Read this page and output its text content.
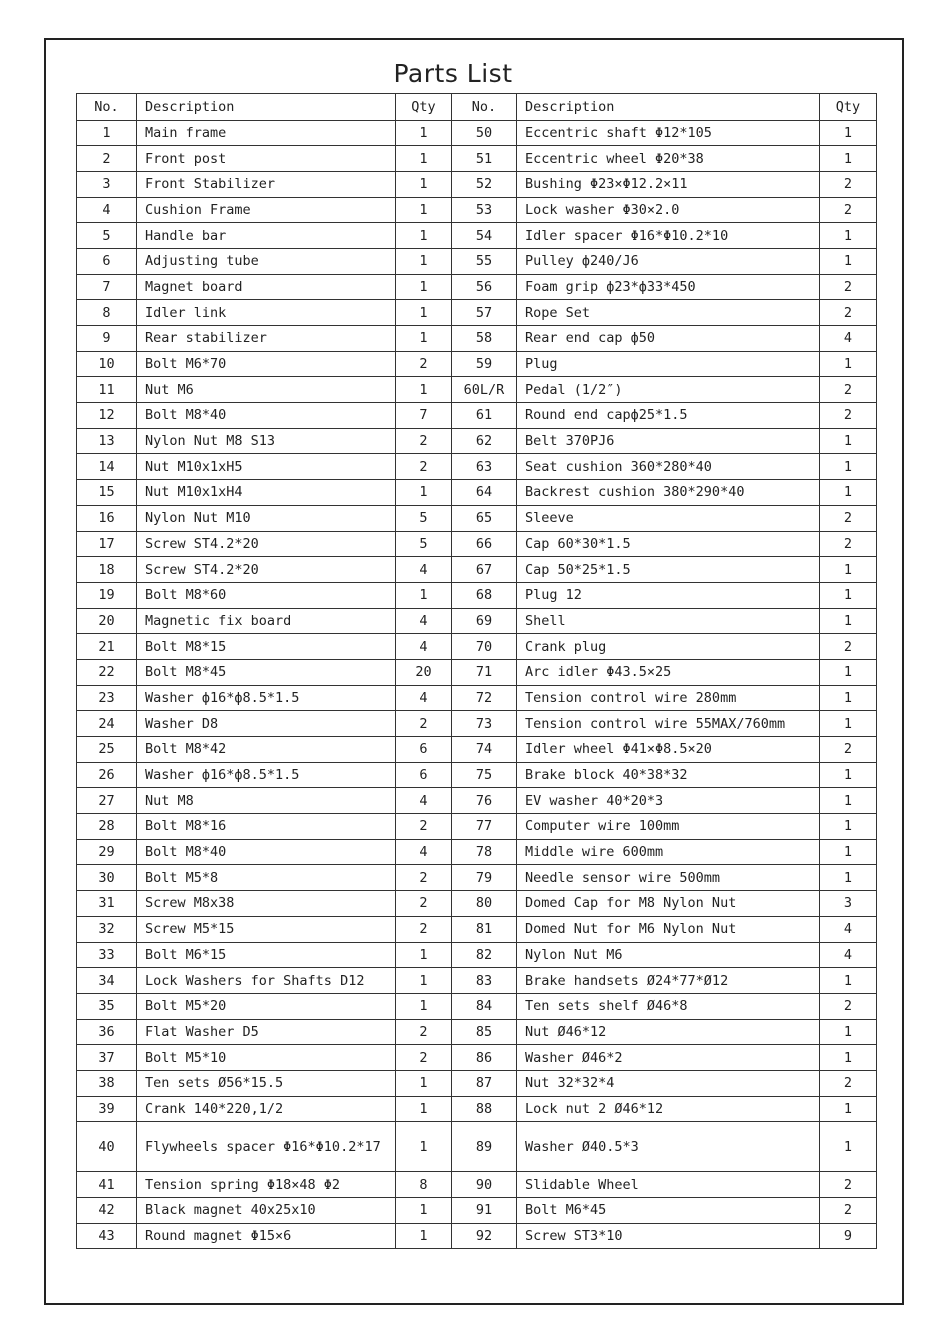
Parts List
No.	Description	Qty	No.	Description	Qty
1	Main frame	1	50	Eccentric shaft Φ12*105	1
2	Front post	1	51	Eccentric wheel Φ20*38	1
3	Front Stabilizer	1	52	Bushing Φ23×Φ12.2×11	2
4	Cushion Frame	1	53	Lock washer Φ30×2.0	2
5	Handle bar	1	54	Idler spacer Φ16*Φ10.2*10	1
6	Adjusting tube	1	55	Pulley ф240/J6	1
7	Magnet board	1	56	Foam grip ф23*ф33*450	2
8	Idler link	1	57	Rope Set	2
9	Rear stabilizer	1	58	Rear end cap ф50	4
10	Bolt M6*70	2	59	Plug	1
11	Nut M6	1	60L/R	Pedal (1/2″)	2
12	Bolt M8*40	7	61	Round end capф25*1.5	2
13	Nylon Nut M8 S13	2	62	Belt 370PJ6	1
14	Nut M10x1xH5	2	63	Seat cushion 360*280*40	1
15	Nut M10x1xH4	1	64	Backrest cushion 380*290*40	1
16	Nylon Nut M10	5	65	Sleeve	2
17	Screw ST4.2*20	5	66	Cap 60*30*1.5	2
18	Screw ST4.2*20	4	67	Cap 50*25*1.5	1
19	Bolt M8*60	1	68	Plug 12	1
20	Magnetic fix board	4	69	Shell	1
21	Bolt M8*15	4	70	Crank plug	2
22	Bolt M8*45	20	71	Arc idler Φ43.5×25	1
23	Washer ф16*ф8.5*1.5	4	72	Tension control wire 280mm	1
24	Washer D8	2	73	Tension control wire 55MAX/760mm	1
25	Bolt M8*42	6	74	Idler wheel Φ41×Φ8.5×20	2
26	Washer ф16*ф8.5*1.5	6	75	Brake block 40*38*32	1
27	Nut M8	4	76	EV washer 40*20*3	1
28	Bolt M8*16	2	77	Computer wire 100mm	1
29	Bolt M8*40	4	78	Middle wire 600mm	1
30	Bolt M5*8	2	79	Needle sensor wire 500mm	1
31	Screw M8x38	2	80	Domed Cap for M8 Nylon Nut	3
32	Screw M5*15	2	81	Domed Nut for M6 Nylon Nut	4
33	Bolt M6*15	1	82	Nylon Nut M6	4
34	Lock Washers for Shafts D12	1	83	Brake handsets Ø24*77*Ø12	1
35	Bolt M5*20	1	84	Ten sets shelf Ø46*8	2
36	Flat Washer D5	2	85	Nut Ø46*12	1
37	Bolt M5*10	2	86	Washer Ø46*2	1
38	Ten sets Ø56*15.5	1	87	Nut 32*32*4	2
39	Crank 140*220,1/2	1	88	Lock nut 2 Ø46*12	1
40	Flywheels spacer Φ16*Φ10.2*17	1	89	Washer Ø40.5*3	1
41	Tension spring Φ18×48 Φ2	8	90	Slidable Wheel	2
42	Black magnet 40x25x10	1	91	Bolt M6*45	2
43	Round magnet Φ15×6	1	92	Screw ST3*10	9
